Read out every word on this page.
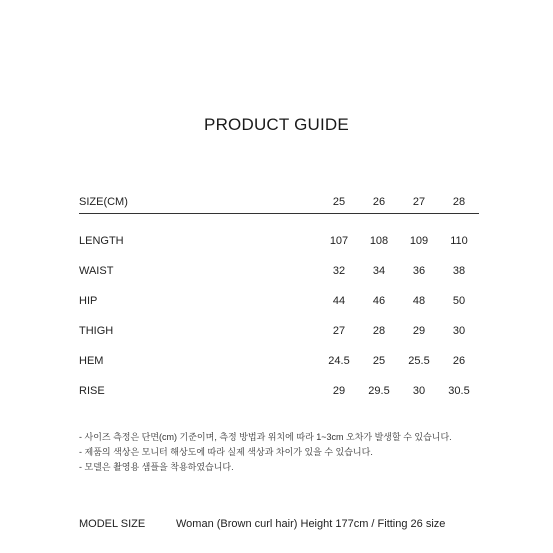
PRODUCT GUIDE
SIZE(CM)	25	26	27	28

LENGTH	107	108	109	110
WAIST	32	34	36	38
HIP	44	46	48	50
THIGH	27	28	29	30
HEM	24.5	25	25.5	26
RISE	29	29.5	30	30.5
- 사이즈 측정은 단면(cm) 기준이며, 측정 방법과 위치에 따라 1~3cm 오차가 발생할 수 있습니다.
- 제품의 색상은 모니터 해상도에 따라 실제 색상과 차이가 있을 수 있습니다.
- 모델은 촬영용 샘플을 착용하였습니다.
MODEL SIZE	Woman (Brown curl hair) Height 177cm / Fitting 26 size
